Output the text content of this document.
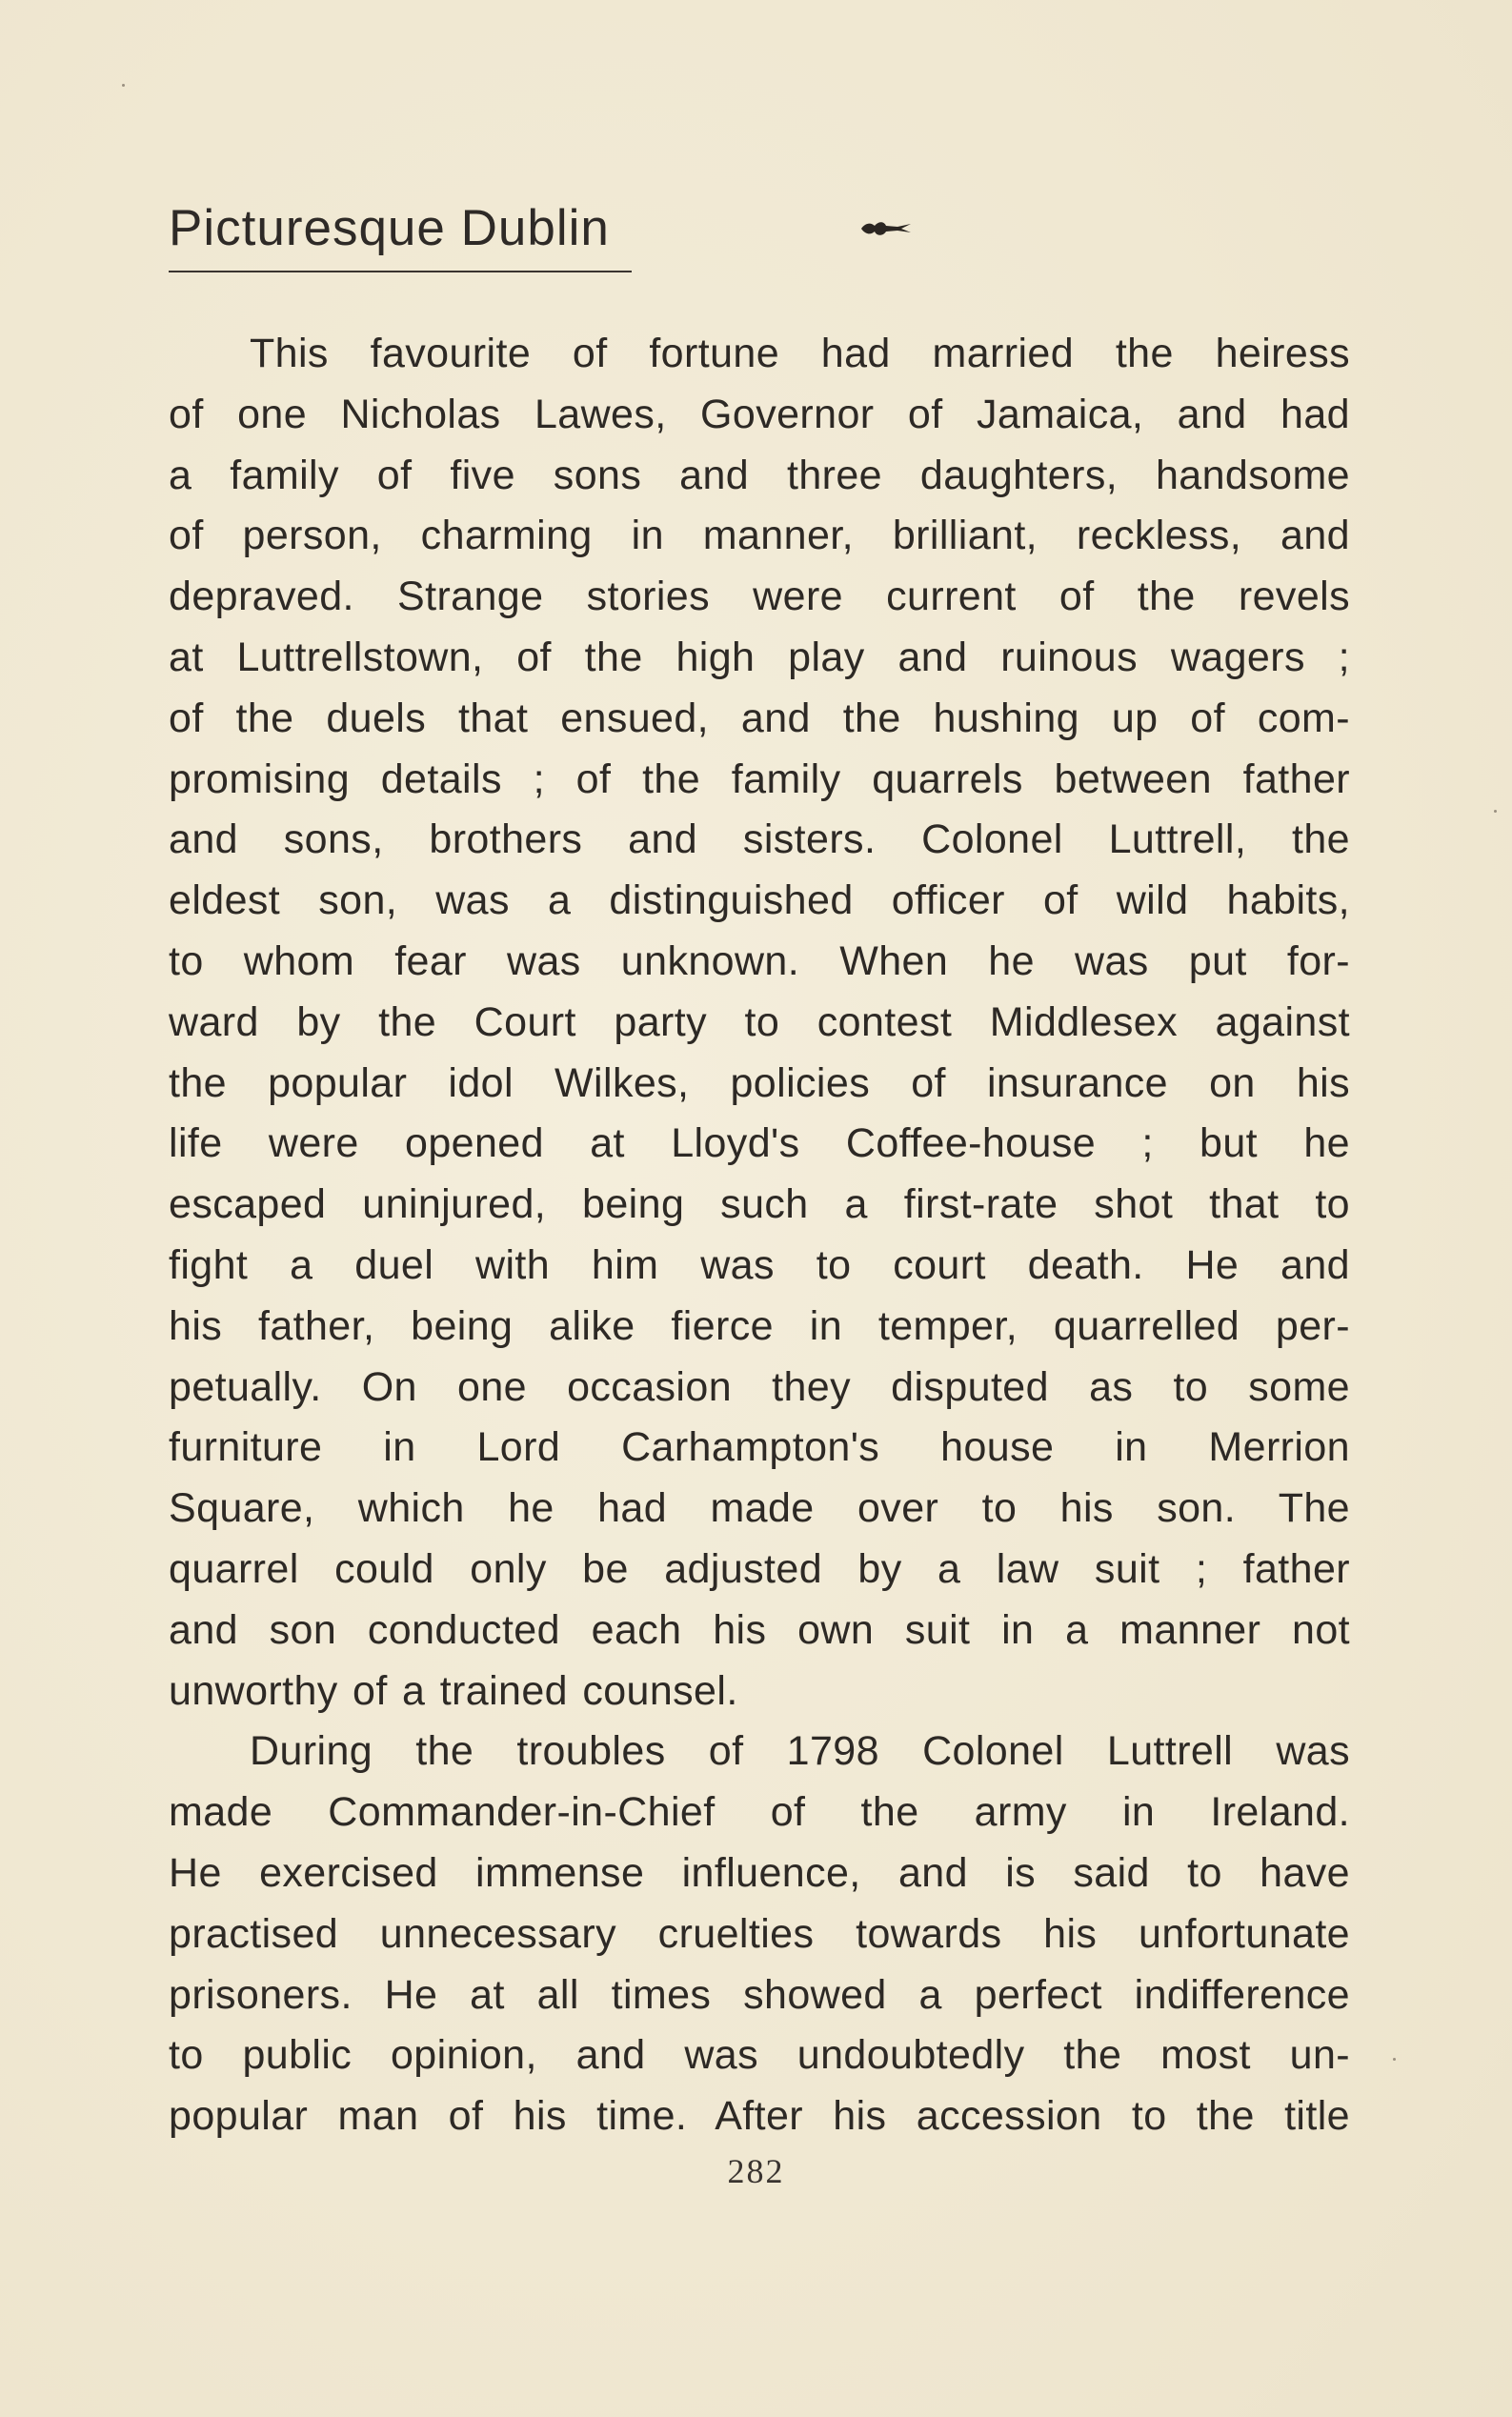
Picturesque Dublin
This favourite of fortune had married the heiress
of one Nicholas Lawes, Governor of Jamaica, and had
a family of five sons and three daughters, handsome
of person, charming in manner, brilliant, reckless, and
depraved. Strange stories were current of the revels
at Luttrellstown, of the high play and ruinous wagers ;
of the duels that ensued, and the hushing up of com-
promising details ; of the family quarrels between father
and sons, brothers and sisters. Colonel Luttrell, the
eldest son, was a distinguished officer of wild habits,
to whom fear was unknown. When he was put for-
ward by the Court party to contest Middlesex against
the popular idol Wilkes, policies of insurance on his
life were opened at Lloyd's Coffee-house ; but he
escaped uninjured, being such a first-rate shot that to
fight a duel with him was to court death. He and
his father, being alike fierce in temper, quarrelled per-
petually. On one occasion they disputed as to some
furniture in Lord Carhampton's house in Merrion
Square, which he had made over to his son. The
quarrel could only be adjusted by a law suit ; father
and son conducted each his own suit in a manner not
unworthy of a trained counsel.
During the troubles of 1798 Colonel Luttrell was
made Commander-in-Chief of the army in Ireland.
He exercised immense influence, and is said to have
practised unnecessary cruelties towards his unfortunate
prisoners. He at all times showed a perfect indifference
to public opinion, and was undoubtedly the most un-
popular man of his time. After his accession to the title
282
